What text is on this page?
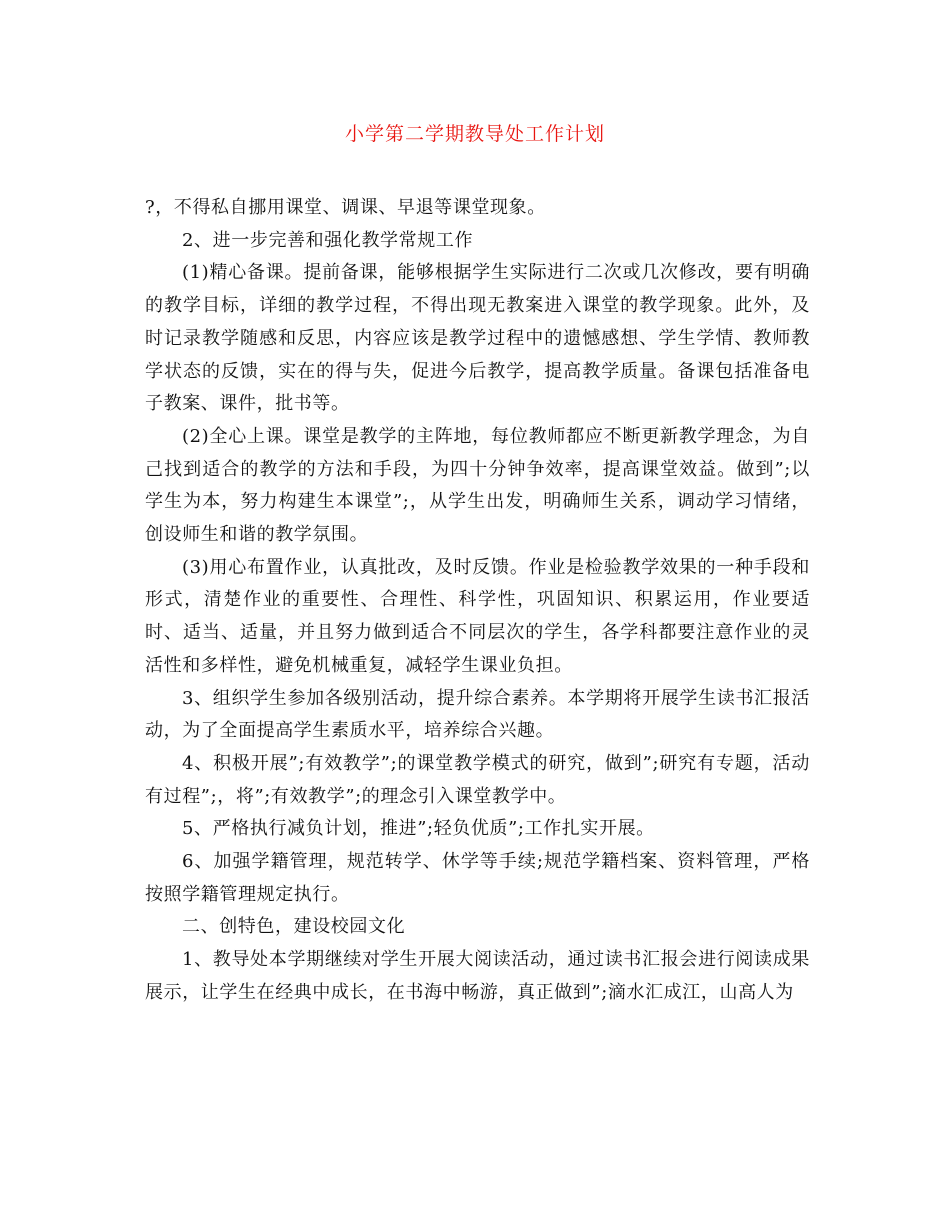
小学第二学期教导处工作计划

?，不得私自挪用课堂、调课、早退等课堂现象。

2、进一步完善和强化教学常规工作

(1)精心备课。提前备课，能够根据学生实际进行二次或几次修改，要有明确的教学目标，详细的教学过程，不得出现无教案进入课堂的教学现象。此外，及时记录教学随感和反思，内容应该是教学过程中的遗憾感想、学生学情、教师教学状态的反馈，实在的得与失，促进今后教学，提高教学质量。备课包括准备电子教案、课件，批书等。

(2)全心上课。课堂是教学的主阵地，每位教师都应不断更新教学理念，为自己找到适合的教学的方法和手段，为四十分钟争效率，提高课堂效益。做到”;以学生为本，努力构建生本课堂”;，从学生出发，明确师生关系，调动学习情绪，创设师生和谐的教学氛围。

(3)用心布置作业，认真批改，及时反馈。作业是检验教学效果的一种手段和形式，清楚作业的重要性、合理性、科学性，巩固知识、积累运用，作业要适时、适当、适量，并且努力做到适合不同层次的学生，各学科都要注意作业的灵活性和多样性，避免机械重复，减轻学生课业负担。

3、组织学生参加各级别活动，提升综合素养。本学期将开展学生读书汇报活动，为了全面提高学生素质水平，培养综合兴趣。

4、积极开展”;有效教学”;的课堂教学模式的研究，做到”;研究有专题，活动有过程”;，将”;有效教学”;的理念引入课堂教学中。

5、严格执行减负计划，推进”;轻负优质”;工作扎实开展。

6、加强学籍管理，规范转学、休学等手续;规范学籍档案、资料管理，严格按照学籍管理规定执行。

二、创特色，建设校园文化

1、教导处本学期继续对学生开展大阅读活动，通过读书汇报会进行阅读成果展示，让学生在经典中成长，在书海中畅游，真正做到”;滴水汇成江，山高人为
